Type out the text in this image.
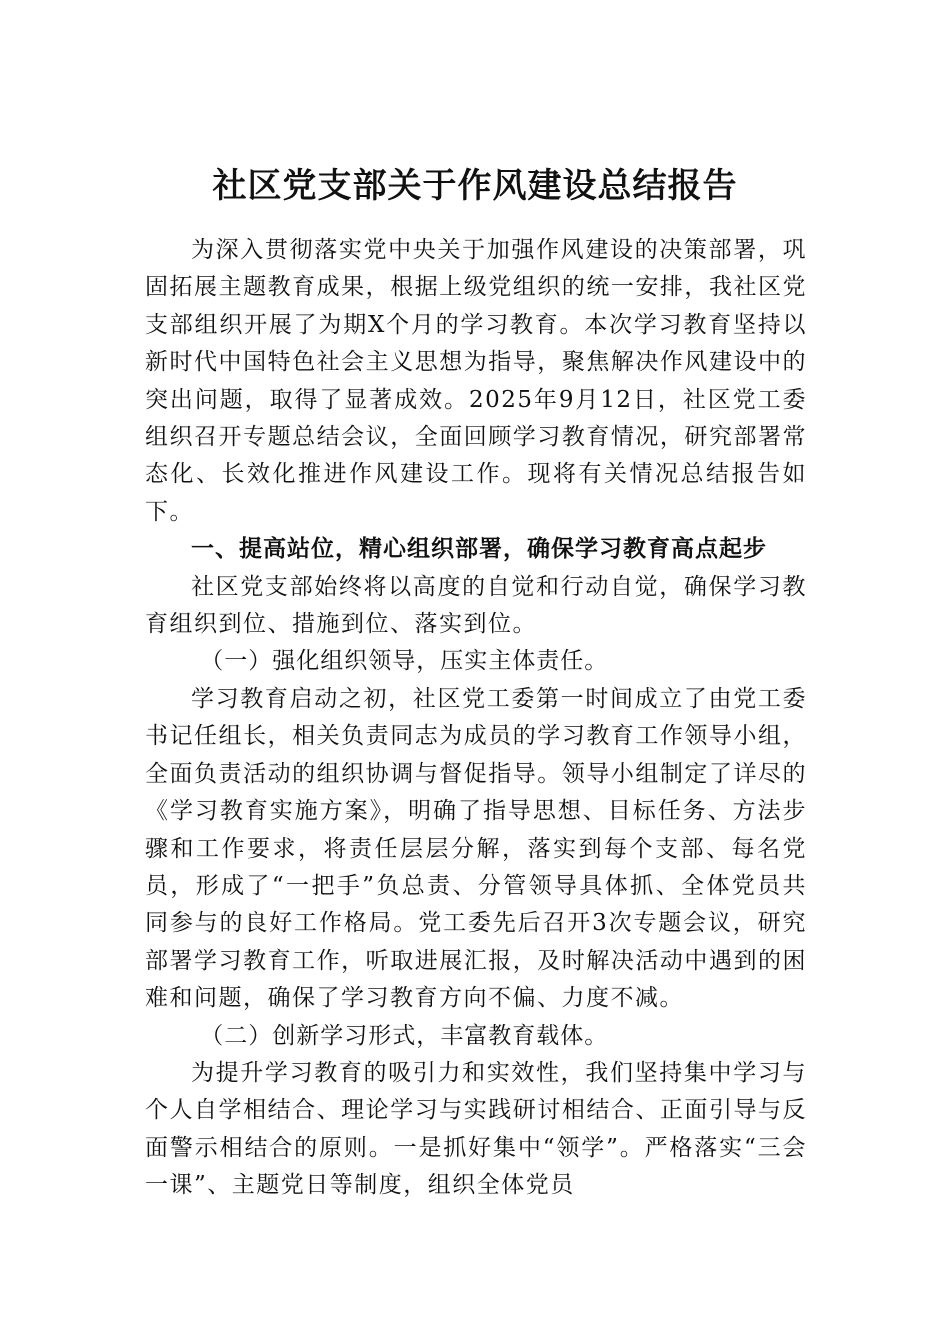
社区党支部关于作风建设总结报告

为深入贯彻落实党中央关于加强作风建设的决策部署，巩固拓展主题教育成果，根据上级党组织的统一安排，我社区党支部组织开展了为期X个月的学习教育。本次学习教育坚持以新时代中国特色社会主义思想为指导，聚焦解决作风建设中的突出问题，取得了显著成效。2025年9月12日，社区党工委组织召开专题总结会议，全面回顾学习教育情况，研究部署常态化、长效化推进作风建设工作。现将有关情况总结报告如下。

一、提高站位，精心组织部署，确保学习教育高点起步

社区党支部始终将以高度的自觉和行动自觉，确保学习教育组织到位、措施到位、落实到位。

（一）强化组织领导，压实主体责任。

学习教育启动之初，社区党工委第一时间成立了由党工委书记任组长，相关负责同志为成员的学习教育工作领导小组，全面负责活动的组织协调与督促指导。领导小组制定了详尽的《学习教育实施方案》，明确了指导思想、目标任务、方法步骤和工作要求，将责任层层分解，落实到每个支部、每名党员，形成了“一把手”负总责、分管领导具体抓、全体党员共同参与的良好工作格局。党工委先后召开3次专题会议，研究部署学习教育工作，听取进展汇报，及时解决活动中遇到的困难和问题，确保了学习教育方向不偏、力度不减。

（二）创新学习形式，丰富教育载体。

为提升学习教育的吸引力和实效性，我们坚持集中学习与个人自学相结合、理论学习与实践研讨相结合、正面引导与反面警示相结合的原则。一是抓好集中“领学”。严格落实“三会一课”、主题党日等制度，组织全体党员
